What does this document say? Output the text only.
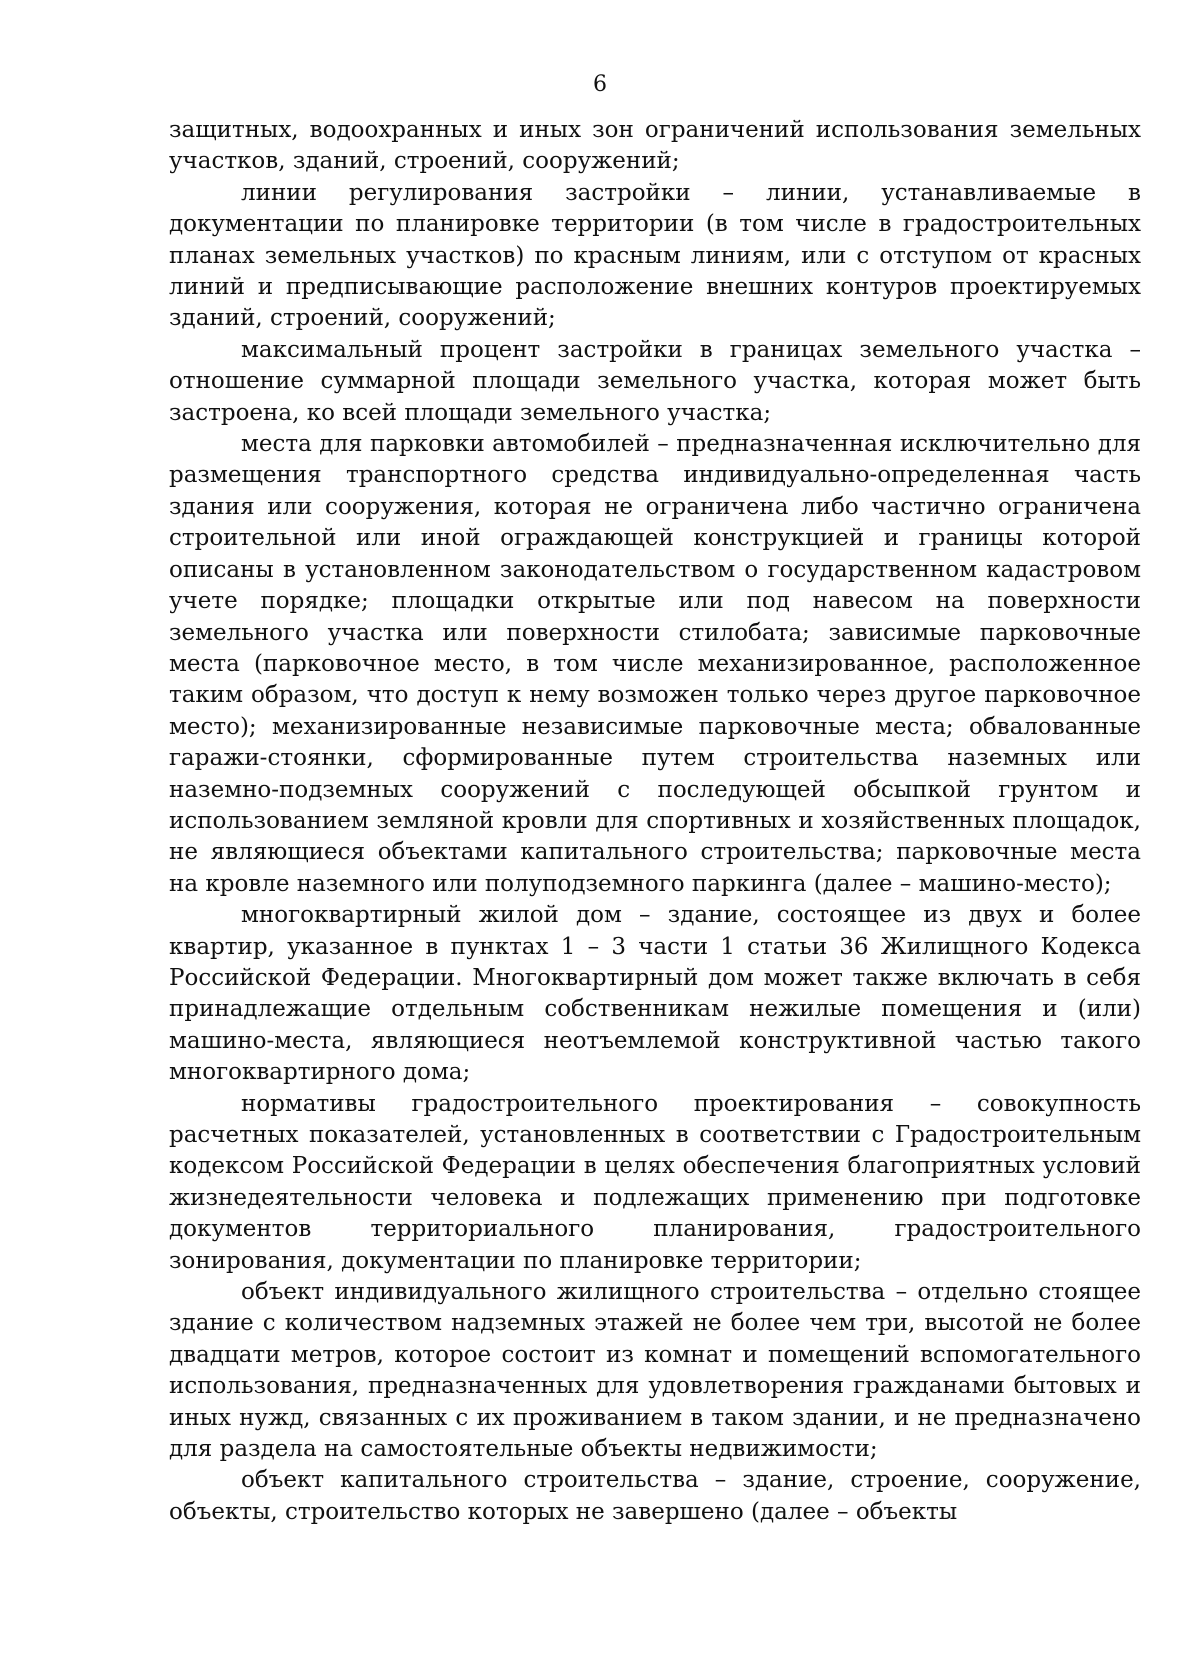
6

защитных, водоохранных и иных зон ограничений использования земельных участков, зданий, строений, сооружений;

линии регулирования застройки – линии, устанавливаемые в документации по планировке территории (в том числе в градостроительных планах земельных участков) по красным линиям, или с отступом от красных линий и предписывающие расположение внешних контуров проектируемых зданий, строений, сооружений;

максимальный процент застройки в границах земельного участка – отношение суммарной площади земельного участка, которая может быть застроена, ко всей площади земельного участка;

места для парковки автомобилей – предназначенная исключительно для размещения транспортного средства индивидуально-определенная часть здания или сооружения, которая не ограничена либо частично ограничена строительной или иной ограждающей конструкцией и границы которой описаны в установленном законодательством о государственном кадастровом учете порядке; площадки открытые или под навесом на поверхности земельного участка или поверхности стилобата; зависимые парковочные места (парковочное место, в том числе механизированное, расположенное таким образом, что доступ к нему возможен только через другое парковочное место); механизированные независимые парковочные места; обвалованные гаражи-стоянки, сформированные путем строительства наземных или наземно-подземных сооружений с последующей обсыпкой грунтом и использованием земляной кровли для спортивных и хозяйственных площадок, не являющиеся объектами капитального строительства; парковочные места на кровле наземного или полуподземного паркинга (далее – машино-место);

многоквартирный жилой дом – здание, состоящее из двух и более квартир, указанное в пунктах 1 – 3 части 1 статьи 36 Жилищного Кодекса Российской Федерации. Многоквартирный дом может также включать в себя принадлежащие отдельным собственникам нежилые помещения и (или) машино-места, являющиеся неотъемлемой конструктивной частью такого многоквартирного дома;

нормативы градостроительного проектирования – совокупность расчетных показателей, установленных в соответствии с Градостроительным кодексом Российской Федерации в целях обеспечения благоприятных условий жизнедеятельности человека и подлежащих применению при подготовке документов территориального планирования, градостроительного зонирования, документации по планировке территории;

объект индивидуального жилищного строительства – отдельно стоящее здание с количеством надземных этажей не более чем три, высотой не более двадцати метров, которое состоит из комнат и помещений вспомогательного использования, предназначенных для удовлетворения гражданами бытовых и иных нужд, связанных с их проживанием в таком здании, и не предназначено для раздела на самостоятельные объекты недвижимости;

объект капитального строительства – здание, строение, сооружение, объекты, строительство которых не завершено (далее – объекты
